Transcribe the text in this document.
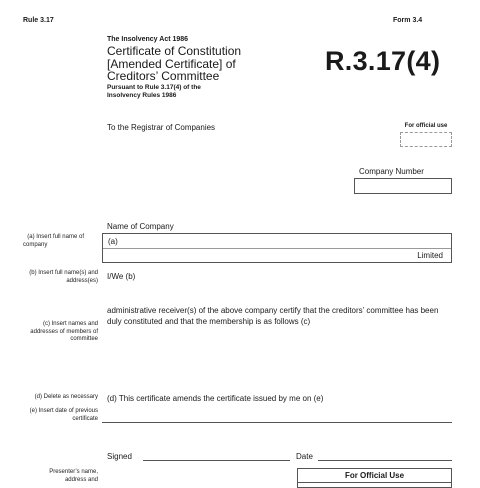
Rule 3.17	Form 3.4
The Insolvency Act 1986
Certificate of Constitution
[Amended Certificate] of
Creditors’ Committee
Pursuant to Rule 3.17(4) of the
Insolvency Rules 1986
R.3.17(4)
To the Registrar of Companies	For official use
Company Number
(a) Insert full name of
company
Name of Company
(a)
Limited
(b) Insert full name(s) and
address(es) I/We (b)
(c) Insert names and
addresses of members of
committee
administrative receiver(s) of the above company certify that the creditors’ committee has been
duly constituted and that the membership is as follows (c)
(d) Delete as necessary (d) This certificate amends the certificate issued by me on (e)
(e) Insert date of previous
certificate
Signed	Date
Presenter’s name,
address and	For Official Use
